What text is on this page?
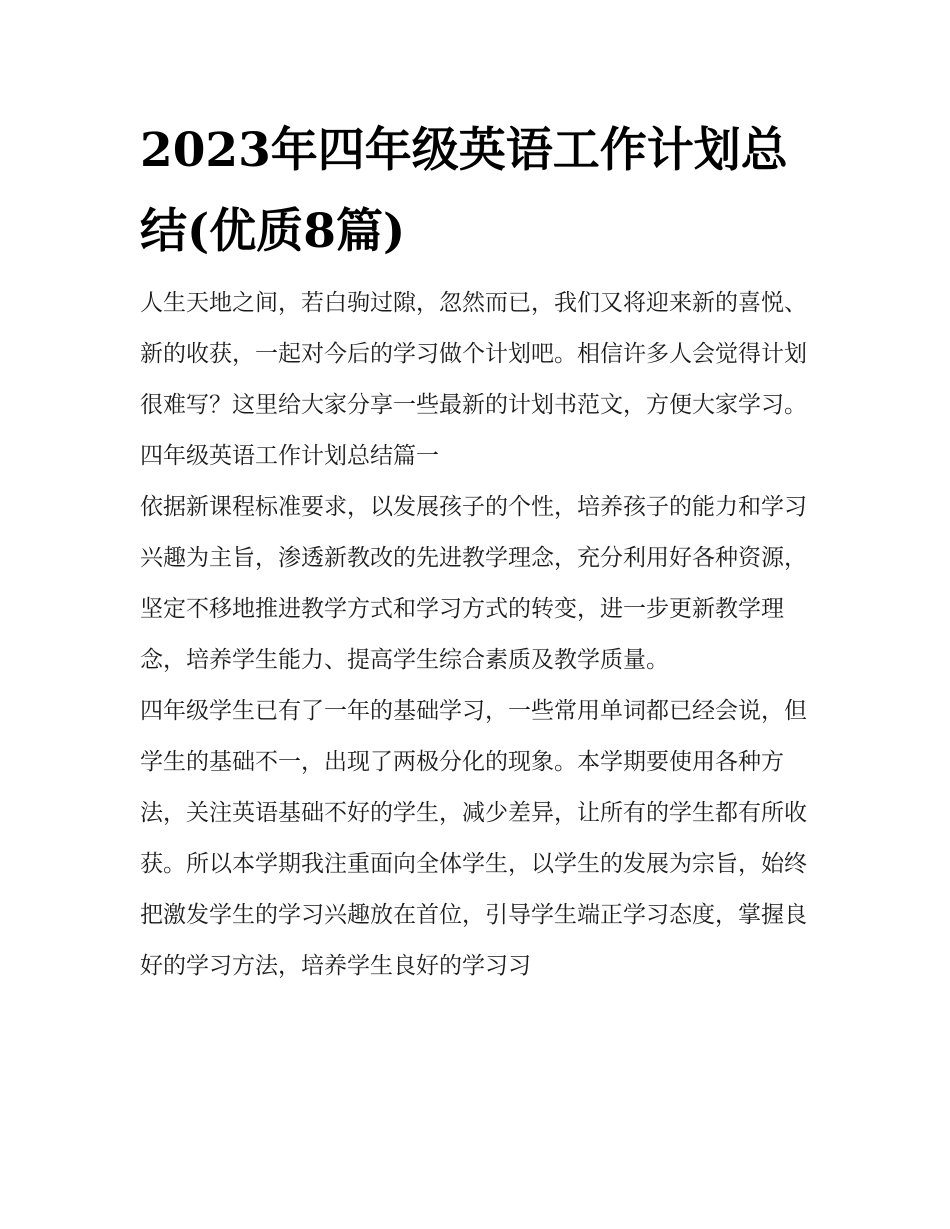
2023年四年级英语工作计划总结(优质8篇)

人生天地之间，若白驹过隙，忽然而已，我们又将迎来新的喜悦、新的收获，一起对今后的学习做个计划吧。相信许多人会觉得计划很难写？这里给大家分享一些最新的计划书范文，方便大家学习。

四年级英语工作计划总结篇一

依据新课程标准要求，以发展孩子的个性，培养孩子的能力和学习兴趣为主旨，渗透新教改的先进教学理念，充分利用好各种资源，坚定不移地推进教学方式和学习方式的转变，进一步更新教学理念，培养学生能力、提高学生综合素质及教学质量。

四年级学生已有了一年的基础学习，一些常用单词都已经会说，但学生的基础不一，出现了两极分化的现象。本学期要使用各种方法，关注英语基础不好的学生，减少差异，让所有的学生都有所收获。所以本学期我注重面向全体学生，以学生的发展为宗旨，始终把激发学生的学习兴趣放在首位，引导学生端正学习态度，掌握良好的学习方法，培养学生良好的学习习
